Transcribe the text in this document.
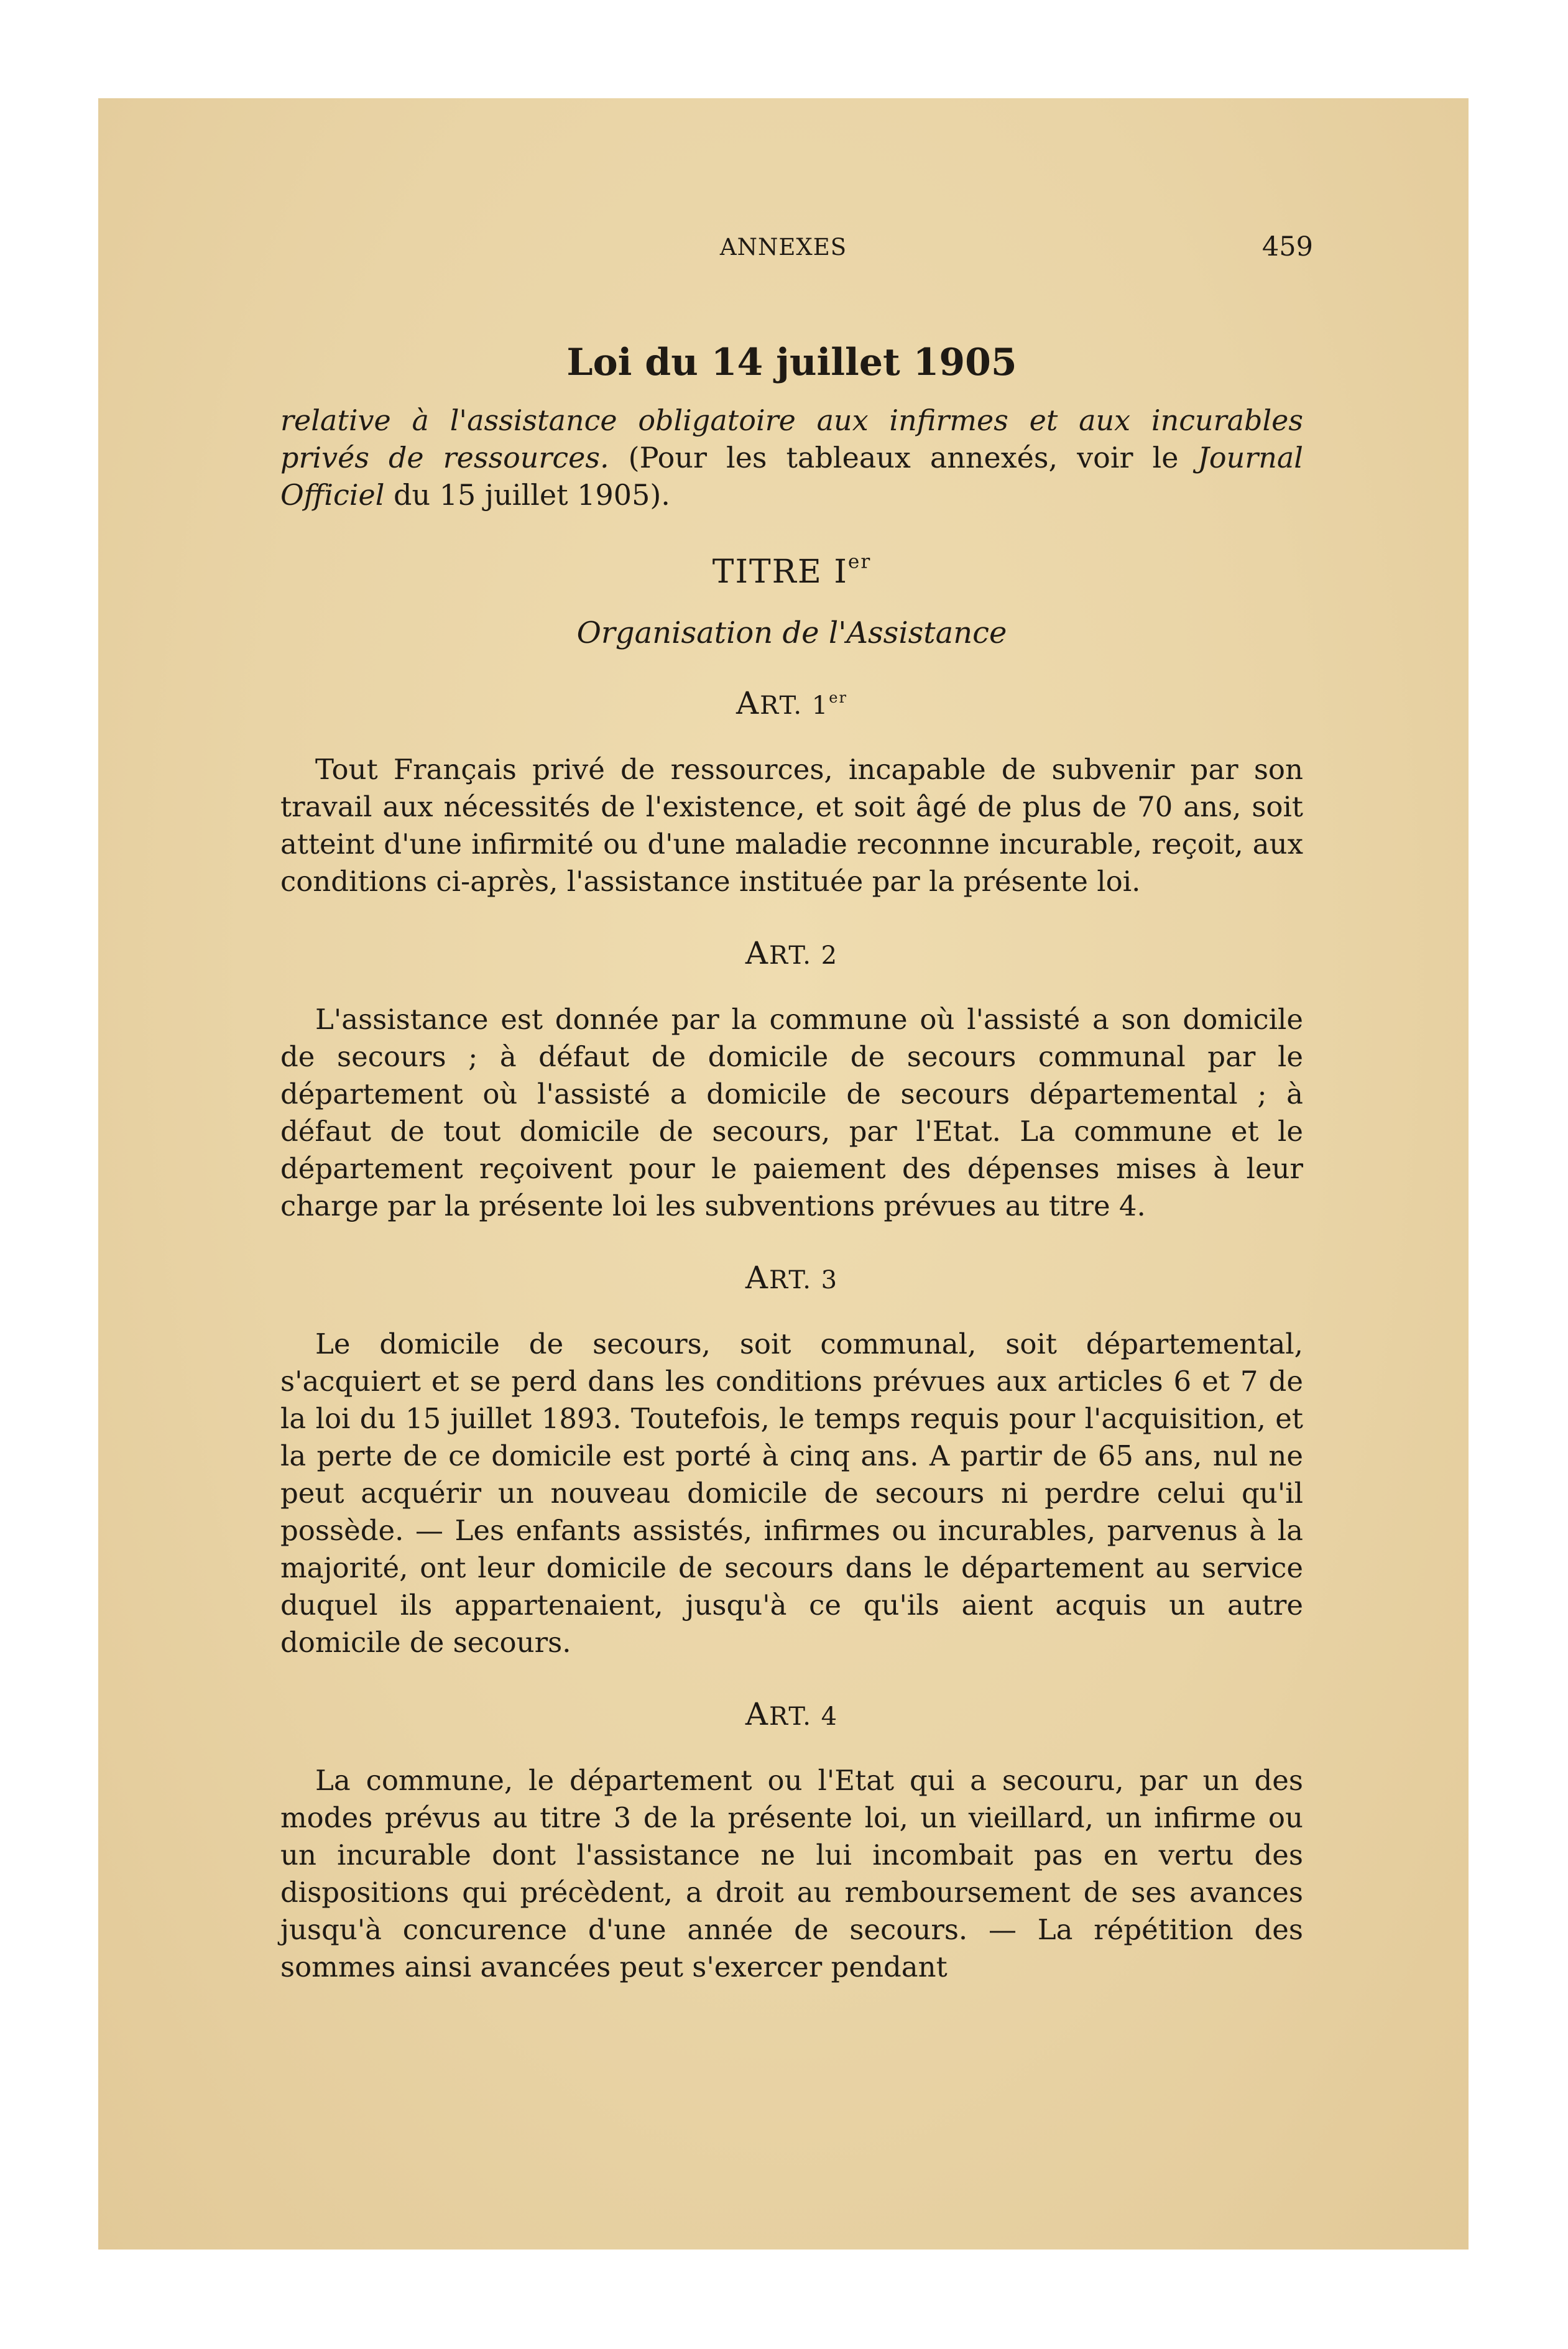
ANNEXES	459
Loi du 14 juillet 1905

relative à l'assistance obligatoire aux infirmes et aux incurables privés de ressources. (Pour les tableaux annexés, voir le Journal Officiel du 15 juillet 1905).

TITRE Ier
Organisation de l'Assistance
ART. 1er

Tout Français privé de ressources, incapable de subvenir par son travail aux nécessités de l'existence, et soit âgé de plus de 70 ans, soit atteint d'une infirmité ou d'une maladie reconnne incurable, reçoit, aux conditions ci-après, l'assistance instituée par la présente loi.

ART. 2

L'assistance est donnée par la commune où l'assisté a son domicile de secours ; à défaut de domicile de secours communal par le département où l'assisté a domicile de secours départemental ; à défaut de tout domicile de secours, par l'Etat. La commune et le département reçoivent pour le paiement des dépenses mises à leur charge par la présente loi les subventions prévues au titre 4.

ART. 3

Le domicile de secours, soit communal, soit départemental, s'acquiert et se perd dans les conditions prévues aux articles 6 et 7 de la loi du 15 juillet 1893. Toutefois, le temps requis pour l'acquisition, et la perte de ce domicile est porté à cinq ans. A partir de 65 ans, nul ne peut acquérir un nouveau domicile de secours ni perdre celui qu'il possède. — Les enfants assistés, infirmes ou incurables, parvenus à la majorité, ont leur domicile de secours dans le département au service duquel ils appartenaient, jusqu'à ce qu'ils aient acquis un autre domicile de secours.

ART. 4

La commune, le département ou l'Etat qui a secouru, par un des modes prévus au titre 3 de la présente loi, un vieillard, un infirme ou un incurable dont l'assistance ne lui incombait pas en vertu des dispositions qui précèdent, a droit au remboursement de ses avances jusqu'à concurence d'une année de secours. — La répétition des sommes ainsi avancées peut s'exercer pendant
